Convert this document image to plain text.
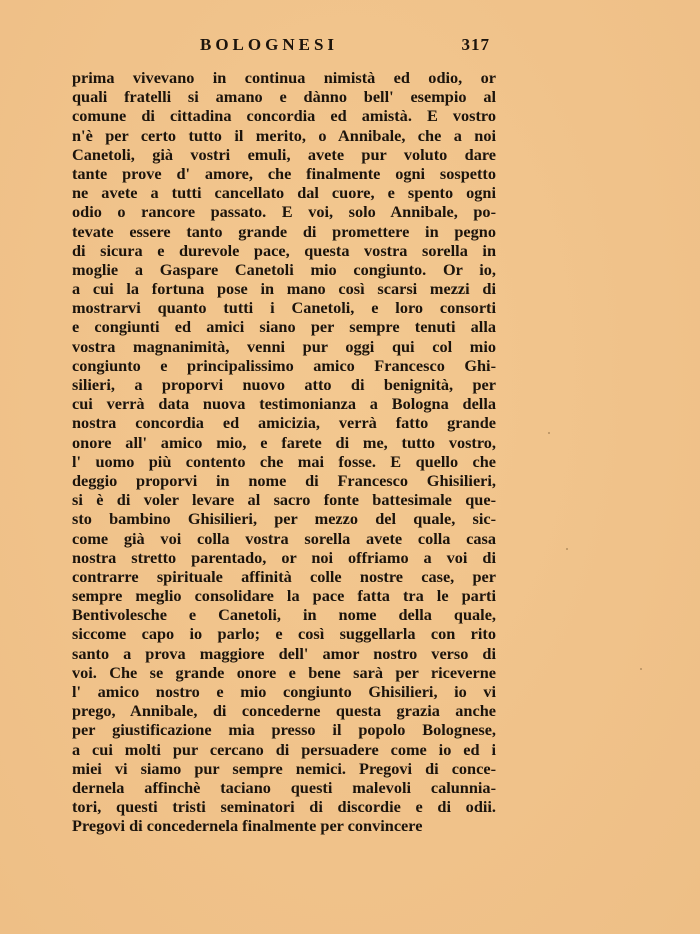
BOLOGNESI	317
prima vivevano in continua nimistà ed odio, or
quali fratelli si amano e dànno bell' esempio al
comune di cittadina concordia ed amistà. E vostro
n'è per certo tutto il merito, o Annibale, che a noi
Canetoli, già vostri emuli, avete pur voluto dare
tante prove d' amore, che finalmente ogni sospetto
ne avete a tutti cancellato dal cuore, e spento ogni
odio o rancore passato. E voi, solo Annibale, po-
tevate essere tanto grande di promettere in pegno
di sicura e durevole pace, questa vostra sorella in
moglie a Gaspare Canetoli mio congiunto. Or io,
a cui la fortuna pose in mano così scarsi mezzi di
mostrarvi quanto tutti i Canetoli, e loro consorti
e congiunti ed amici siano per sempre tenuti alla
vostra magnanimità, venni pur oggi qui col mio
congiunto e principalissimo amico Francesco Ghi-
silieri, a proporvi nuovo atto di benignità, per
cui verrà data nuova testimonianza a Bologna della
nostra concordia ed amicizia, verrà fatto grande
onore all' amico mio, e farete di me, tutto vostro,
l' uomo più contento che mai fosse. E quello che
deggio proporvi in nome di Francesco Ghisilieri,
si è di voler levare al sacro fonte battesimale que-
sto bambino Ghisilieri, per mezzo del quale, sic-
come già voi colla vostra sorella avete colla casa
nostra stretto parentado, or noi offriamo a voi di
contrarre spirituale affinità colle nostre case, per
sempre meglio consolidare la pace fatta tra le parti
Bentivolesche e Canetoli, in nome della quale,
siccome capo io parlo; e così suggellarla con rito
santo a prova maggiore dell' amor nostro verso di
voi. Che se grande onore e bene sarà per riceverne
l' amico nostro e mio congiunto Ghisilieri, io vi
prego, Annibale, di concederne questa grazia anche
per giustificazione mia presso il popolo Bolognese,
a cui molti pur cercano di persuadere come io ed i
miei vi siamo pur sempre nemici. Pregovi di conce-
dernela affinchè taciano questi malevoli calunnia-
tori, questi tristi seminatori di discordie e di odii.
Pregovi di concedernela finalmente per convincere
